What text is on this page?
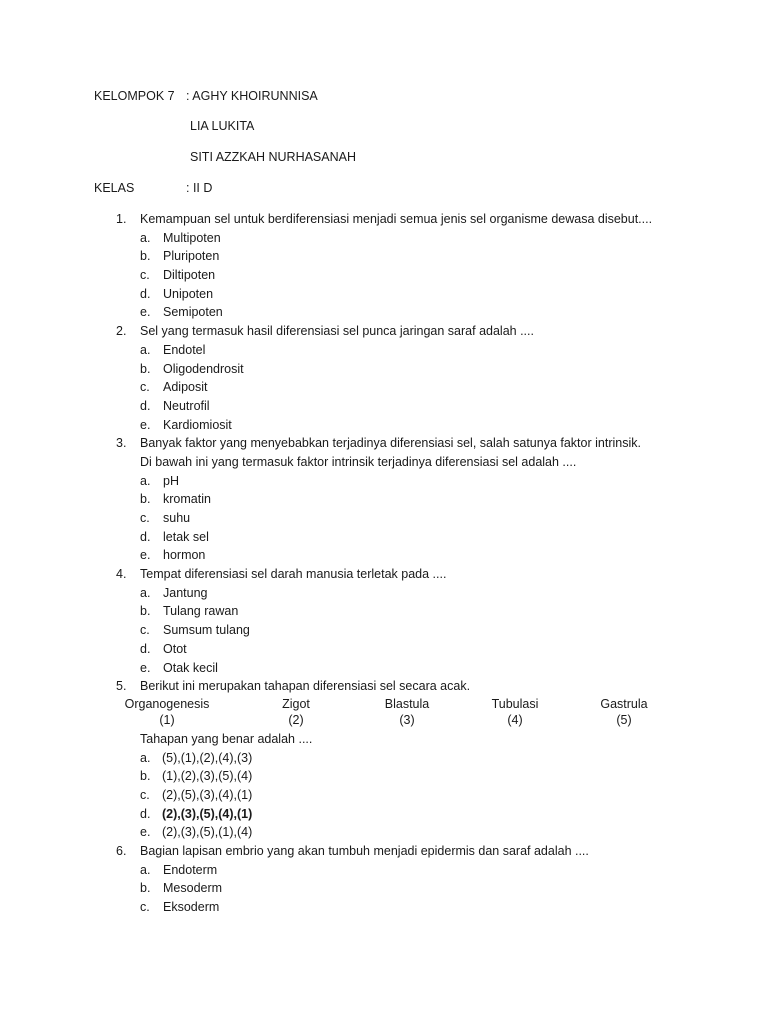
KELOMPOK 7 : AGHY KHOIRUNNISA
LIA LUKITA
SITI AZZKAH NURHASANAH
KELAS	: II D
1. Kemampuan sel untuk berdiferensiasi menjadi semua jenis sel organisme dewasa disebut....
a. Multipoten
b. Pluripoten
c. Diltipoten
d. Unipoten
e. Semipoten
2. Sel yang termasuk hasil diferensiasi sel punca jaringan saraf adalah ....
a. Endotel
b. Oligodendrosit
c. Adiposit
d. Neutrofil
e. Kardiomiosit
3. Banyak faktor yang menyebabkan terjadinya diferensiasi sel, salah satunya faktor intrinsik.
Di bawah ini yang termasuk faktor intrinsik terjadinya diferensiasi sel adalah ....
a. pH
b. kromatin
c. suhu
d. letak sel
e. hormon
4. Tempat diferensiasi sel darah manusia terletak pada ....
a. Jantung
b. Tulang rawan
c. Sumsum tulang
d. Otot
e. Otak kecil
5. Berikut ini merupakan tahapan diferensiasi sel secara acak.
Organogenesis
(1)
Zigot
(2)
Blastula
(3)
Tubulasi
(4)
Gastrula
(5)
Tahapan yang benar adalah ....
a. (5),(1),(2),(4),(3)
b. (1),(2),(3),(5),(4)
c. (2),(5),(3),(4),(1)
d. (2),(3),(5),(4),(1)
e. (2),(3),(5),(1),(4)
6. Bagian lapisan embrio yang akan tumbuh menjadi epidermis dan saraf adalah ....
a. Endoterm
b. Mesoderm
c. Eksoderm
